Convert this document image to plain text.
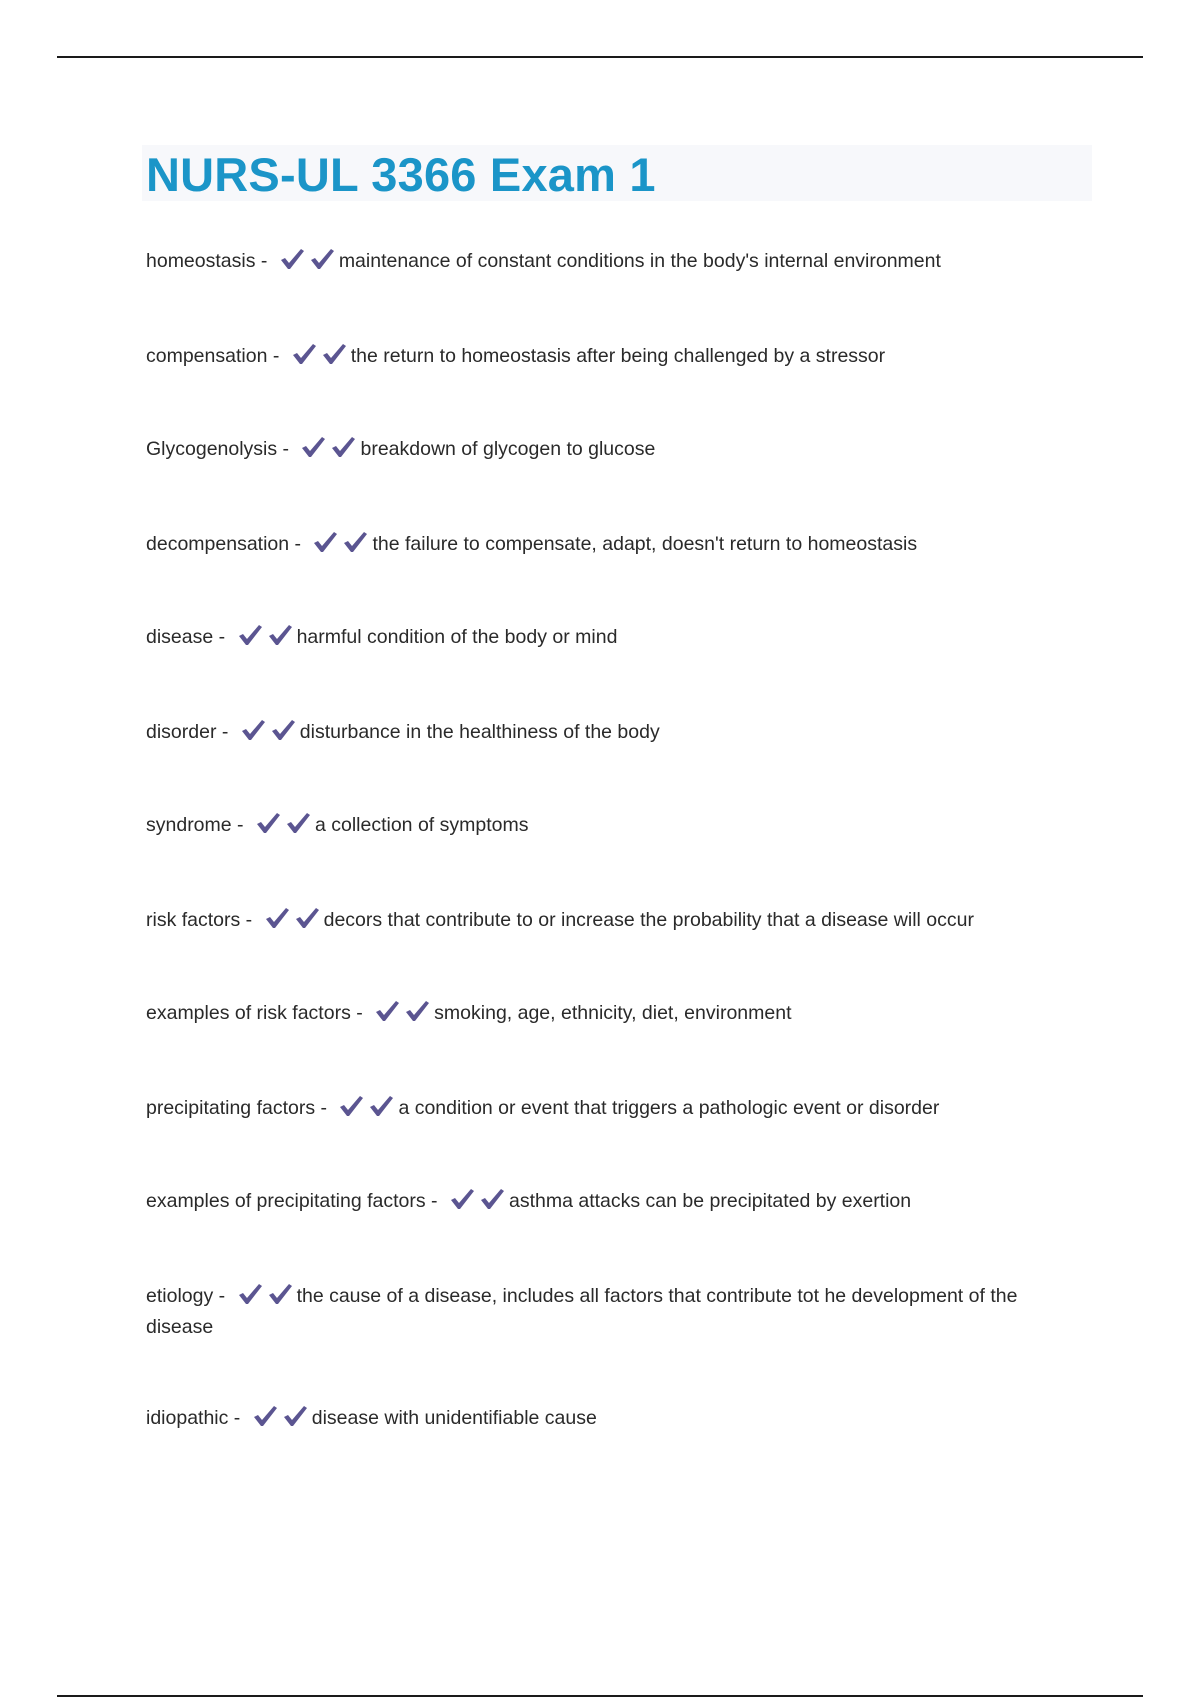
NURS-UL 3366 Exam 1
homeostasis -	maintenance of constant conditions in the body's internal environment
compensation -	the return to homeostasis after being challenged by a stressor
Glycogenolysis -	breakdown of glycogen to glucose
decompensation -	the failure to compensate, adapt, doesn't return to homeostasis
disease -	harmful condition of the body or mind
disorder -	disturbance in the healthiness of the body
syndrome -	a collection of symptoms
risk factors -	decors that contribute to or increase the probability that a disease will occur
examples of risk factors -	smoking, age, ethnicity, diet, environment
precipitating factors -	a condition or event that triggers a pathologic event or disorder
examples of precipitating factors -	asthma attacks can be precipitated by exertion
etiology -	the cause of a disease, includes all factors that contribute tot he development of the disease
idiopathic -	disease with unidentifiable cause
